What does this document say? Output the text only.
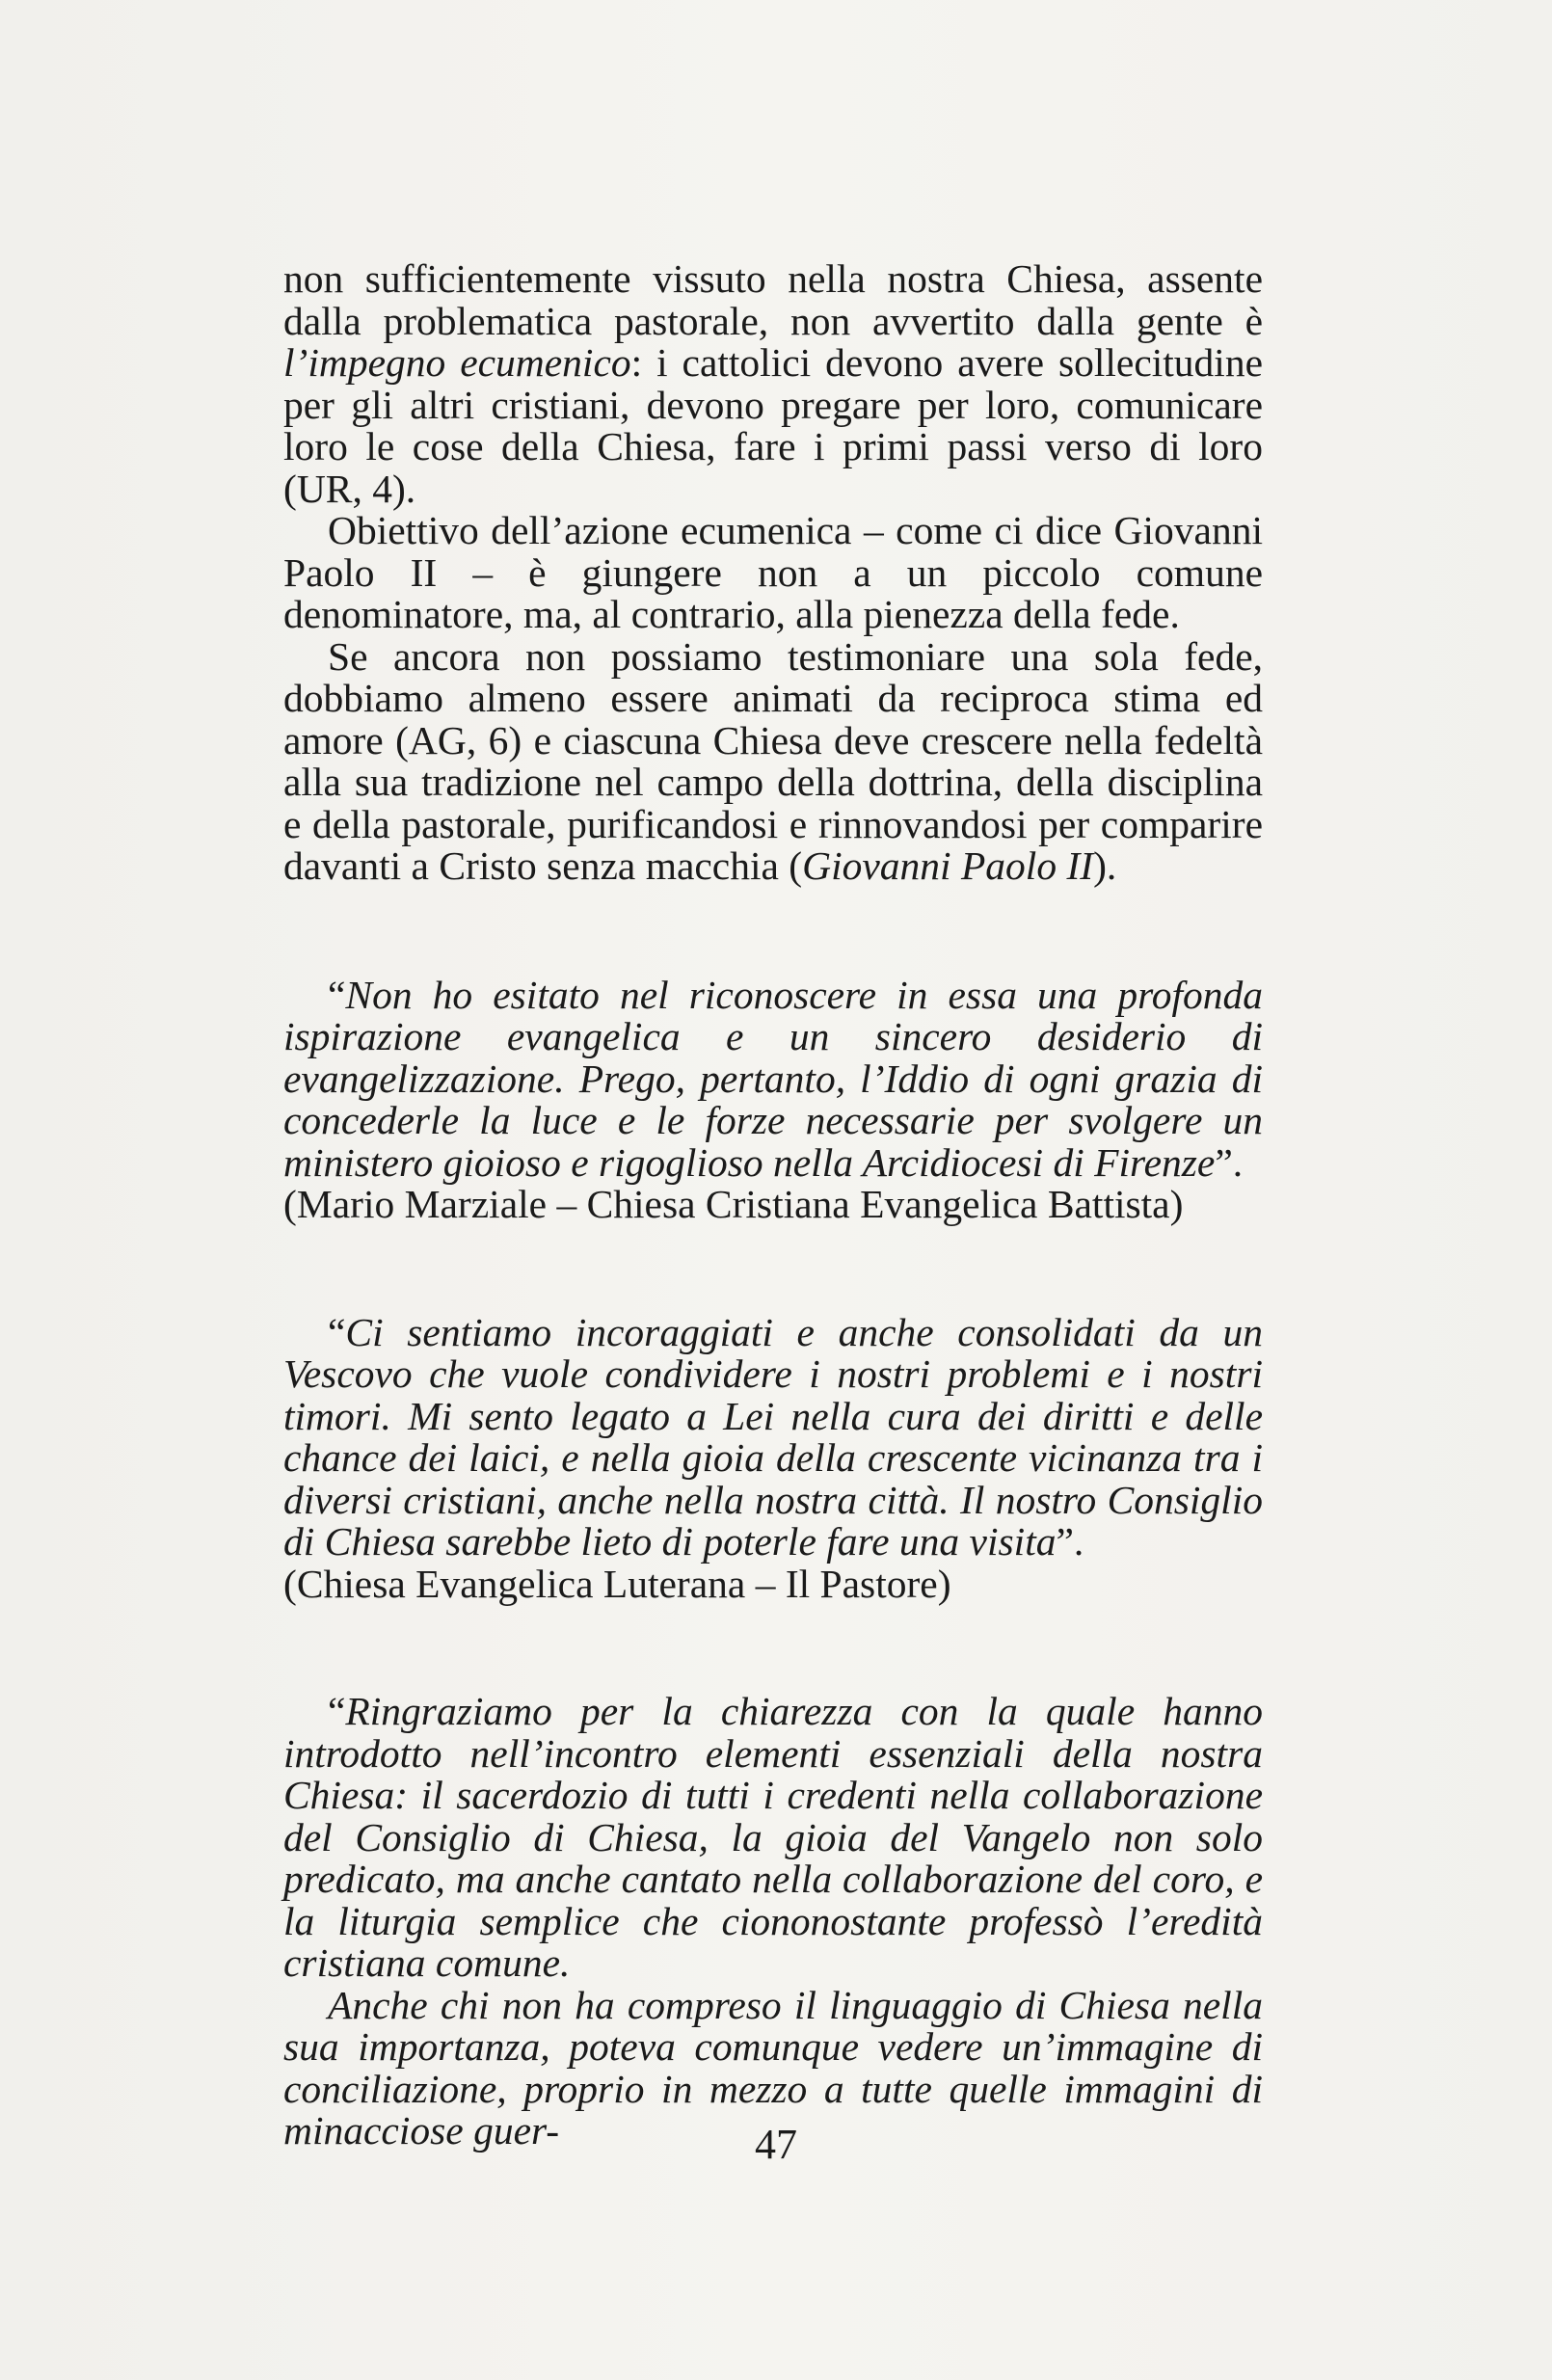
non sufficientemente vissuto nella nostra Chiesa, assente dalla problematica pastorale, non avvertito dalla gente è l’impegno ecumenico: i cattolici devono avere sollecitudine per gli altri cristiani, devono pregare per loro, comunicare loro le cose della Chiesa, fare i primi passi verso di loro (UR, 4).

Obiettivo dell’azione ecumenica – come ci dice Giovanni Paolo II – è giungere non a un piccolo comune denominatore, ma, al contrario, alla pienezza della fede.

Se ancora non possiamo testimoniare una sola fede, dobbiamo almeno essere animati da reciproca stima ed amore (AG, 6) e ciascuna Chiesa deve crescere nella fedeltà alla sua tradizione nel campo della dottrina, della disciplina e della pastorale, purificandosi e rinnovandosi per comparire davanti a Cristo senza macchia (Giovanni Paolo II).

“Non ho esitato nel riconoscere in essa una profonda ispirazione evangelica e un sincero desiderio di evangelizzazione. Prego, pertanto, l’Iddio di ogni grazia di concederle la luce e le forze necessarie per svolgere un ministero gioioso e rigoglioso nella Arcidiocesi di Firenze”.

(Mario Marziale – Chiesa Cristiana Evangelica Battista)

“Ci sentiamo incoraggiati e anche consolidati da un Vescovo che vuole condividere i nostri problemi e i nostri timori. Mi sento legato a Lei nella cura dei diritti e delle chance dei laici, e nella gioia della crescente vicinanza tra i diversi cristiani, anche nella nostra città. Il nostro Consiglio di Chiesa sarebbe lieto di poterle fare una visita”.

(Chiesa Evangelica Luterana – Il Pastore)

“Ringraziamo per la chiarezza con la quale hanno introdotto nell’incontro elementi essenziali della nostra Chiesa: il sacerdozio di tutti i credenti nella collaborazione del Consiglio di Chiesa, la gioia del Vangelo non solo predicato, ma anche cantato nella collaborazione del coro, e la liturgia semplice che ciononostante professò l’eredità cristiana comune.

Anche chi non ha compreso il linguaggio di Chiesa nella sua importanza, poteva comunque vedere un’immagine di conciliazione, proprio in mezzo a tutte quelle immagini di minacciose guer-	47
